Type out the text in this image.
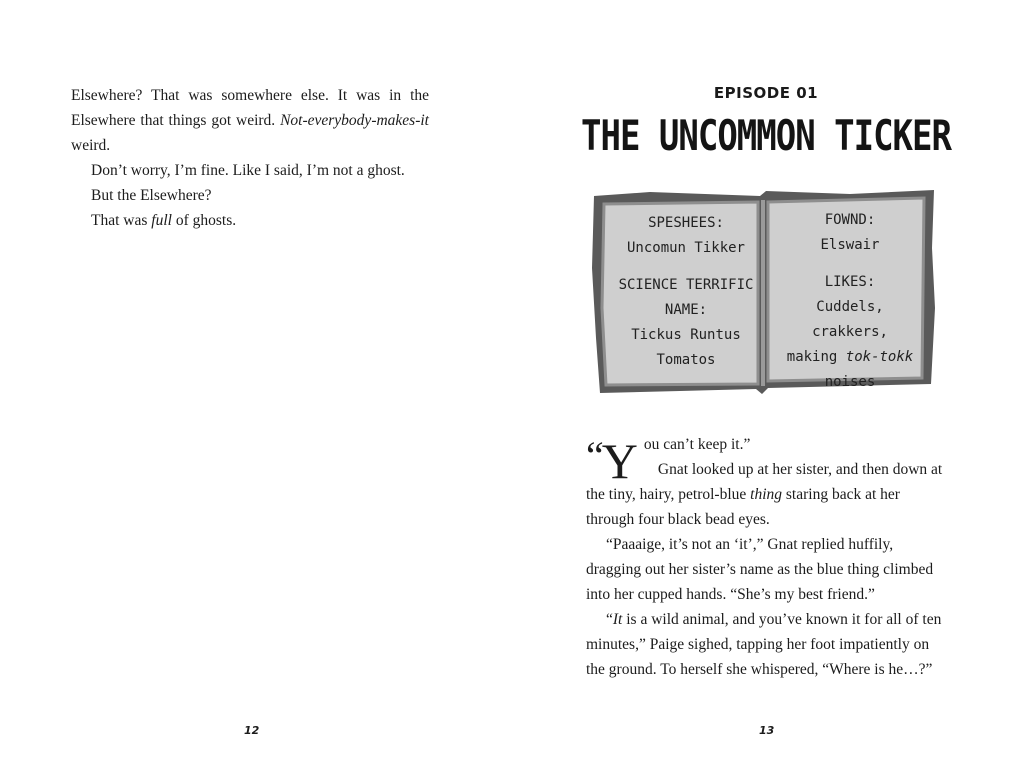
Elsewhere? That was somewhere else. It was in the Elsewhere that things got weird. Not-everybody-makes-it weird.

Don’t worry, I’m fine. Like I said, I’m not a ghost.

But the Elsewhere?

That was full of ghosts.

12
EPISODE 01
THE UNCOMMON TICKER
SPESHEES:
Uncomun Tikker
SCIENCE TERRIFIC
NAME:
Tickus Runtus
Tomatos
FOWND:
Elswair
LIKES:
Cuddels, crakkers,
making tok-tokk
noises

“Y ou can’t keep it.”
Gnat looked up at her sister, and then down at the tiny, hairy, petrol-blue thing staring back at her through four black bead eyes.

“Paaaige, it’s not an ‘it’,” Gnat replied huffily, dragging out her sister’s name as the blue thing climbed into her cupped hands. “She’s my best friend.”

“It is a wild animal, and you’ve known it for all of ten minutes,” Paige sighed, tapping her foot impatiently on the ground. To herself she whispered, “Where is he…?”

13
